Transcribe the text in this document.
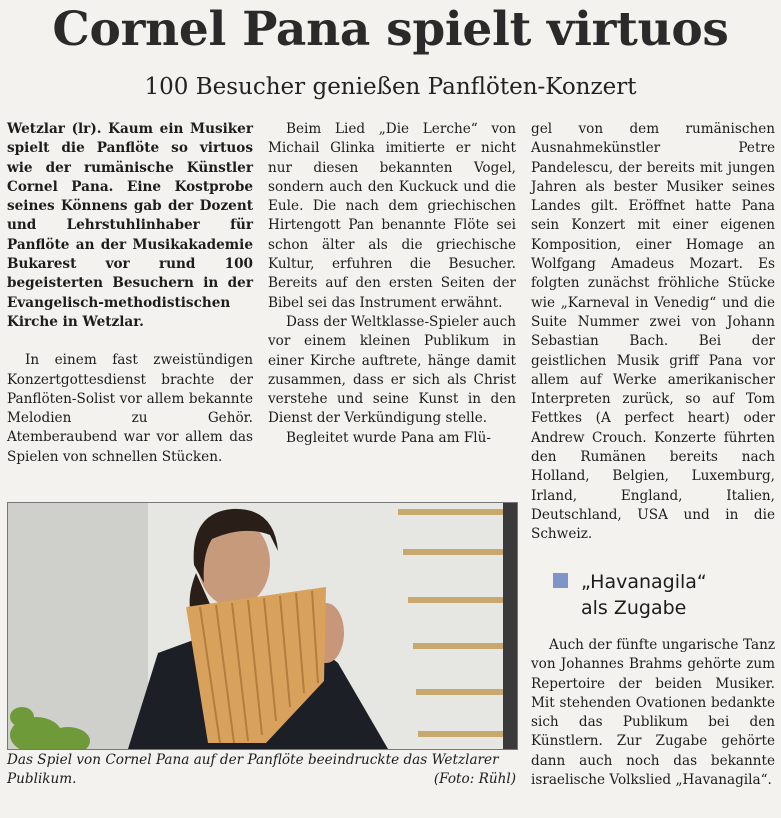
Cornel Pana spielt virtuos
100 Besucher genießen Panflöten-Konzert

Wetzlar (lr). Kaum ein Musiker spielt die Panflöte so virtuos wie der rumänische Künstler Cornel Pana. Eine Kostprobe seines Könnens gab der Dozent und Lehrstuhlinhaber für Panflöte an der Musikakademie Bukarest vor rund 100 begeisterten Besuchern in der Evangelisch-methodistischen Kirche in Wetzlar.

In einem fast zweistündigen Konzertgottesdienst brachte der Panflöten-Solist vor allem bekannte Melodien zu Gehör. Atemberaubend war vor allem das Spielen von schnellen Stücken.

Beim Lied „Die Lerche“ von Michail Glinka imitierte er nicht nur diesen bekannten Vogel, sondern auch den Kuckuck und die Eule. Die nach dem griechischen Hirtengott Pan benannte Flöte sei schon älter als die griechische Kultur, erfuhren die Besucher. Bereits auf den ersten Seiten der Bibel sei das Instrument erwähnt.

Dass der Weltklasse-Spieler auch vor einem kleinen Publikum in einer Kirche auftrete, hänge damit zusammen, dass er sich als Christ verstehe und seine Kunst in den Dienst der Verkündigung stelle.

Begleitet wurde Pana am Flü-

gel von dem rumänischen Ausnahmekünstler Petre Pandelescu, der bereits mit jungen Jahren als bester Musiker seines Landes gilt. Eröffnet hatte Pana sein Konzert mit einer eigenen Komposition, einer Homage an Wolfgang Amadeus Mozart. Es folgten zunächst fröhliche Stücke wie „Karneval in Venedig“ und die Suite Nummer zwei von Johann Sebastian Bach. Bei der geistlichen Musik griff Pana vor allem auf Werke amerikanischer Interpreten zurück, so auf Tom Fettkes (A perfect heart) oder Andrew Crouch. Konzerte führten den Rumänen bereits nach Holland, Belgien, Luxemburg, Irland, England, Italien, Deutschland, USA und in die Schweiz.

„Havanagila“
als Zugabe

Auch der fünfte ungarische Tanz von Johannes Brahms gehörte zum Repertoire der beiden Musiker. Mit stehenden Ovationen bedankte sich das Publikum bei den Künstlern. Zur Zugabe gehörte dann auch noch das bekannte israelische Volkslied „Havanagila“.

Das Spiel von Cornel Pana auf der Panflöte beeindruckte das Wetzlarer Publikum.	(Foto: Rühl)
